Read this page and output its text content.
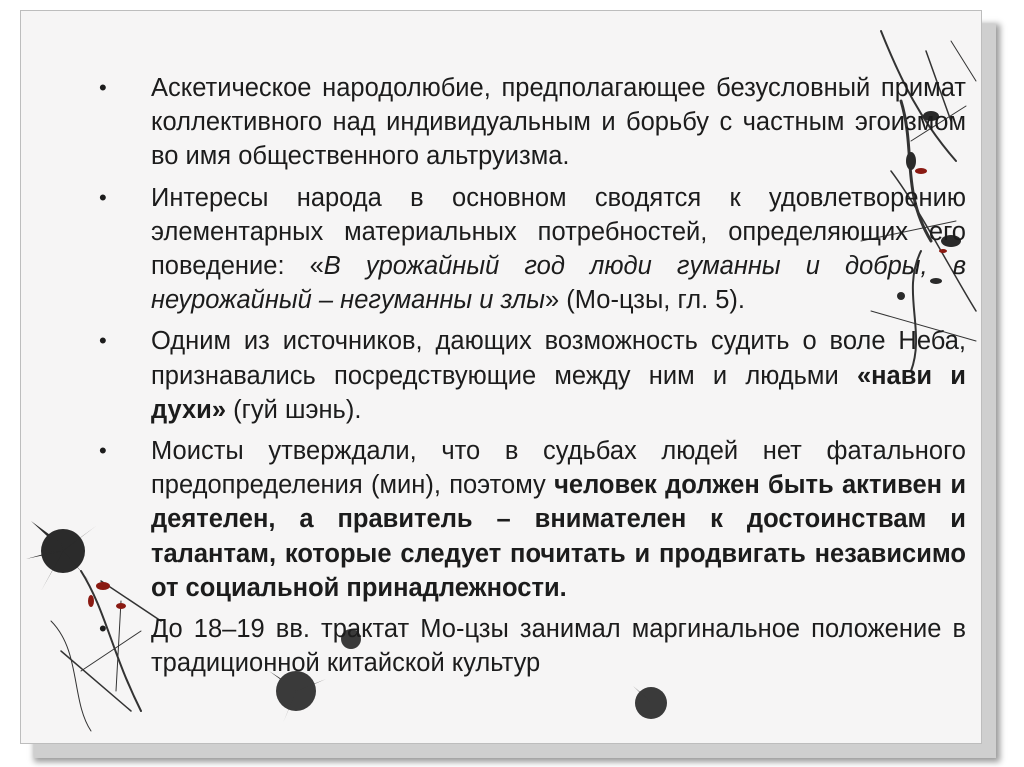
• Аскетическое народолюбие, предполагающее безусловный примат коллективного над индивидуальным и борьбу с частным эгоизмом во имя общественного альтруизма.
• Интересы народа в основном сводятся к удовлетворению элементарных материальных потребностей, определяющих его поведение: «В урожайный год люди гуманны и добры, в неурожайный – негуманны и злы» (Мо-цзы, гл. 5).
• Одним из источников, дающих возможность судить о воле Неба, признавались посредствующие между ним и людьми «нави и духи» (гуй шэнь).
• Моисты утверждали, что в судьбах людей нет фатального предопределения (мин), поэтому человек должен быть активен и деятелен, а правитель – внимателен к достоинствам и талантам, которые следует почитать и продвигать независимо от социальной принадлежности.
• До 18–19 вв. трактат Мо-цзы занимал маргинальное положение в традиционной китайской культур
